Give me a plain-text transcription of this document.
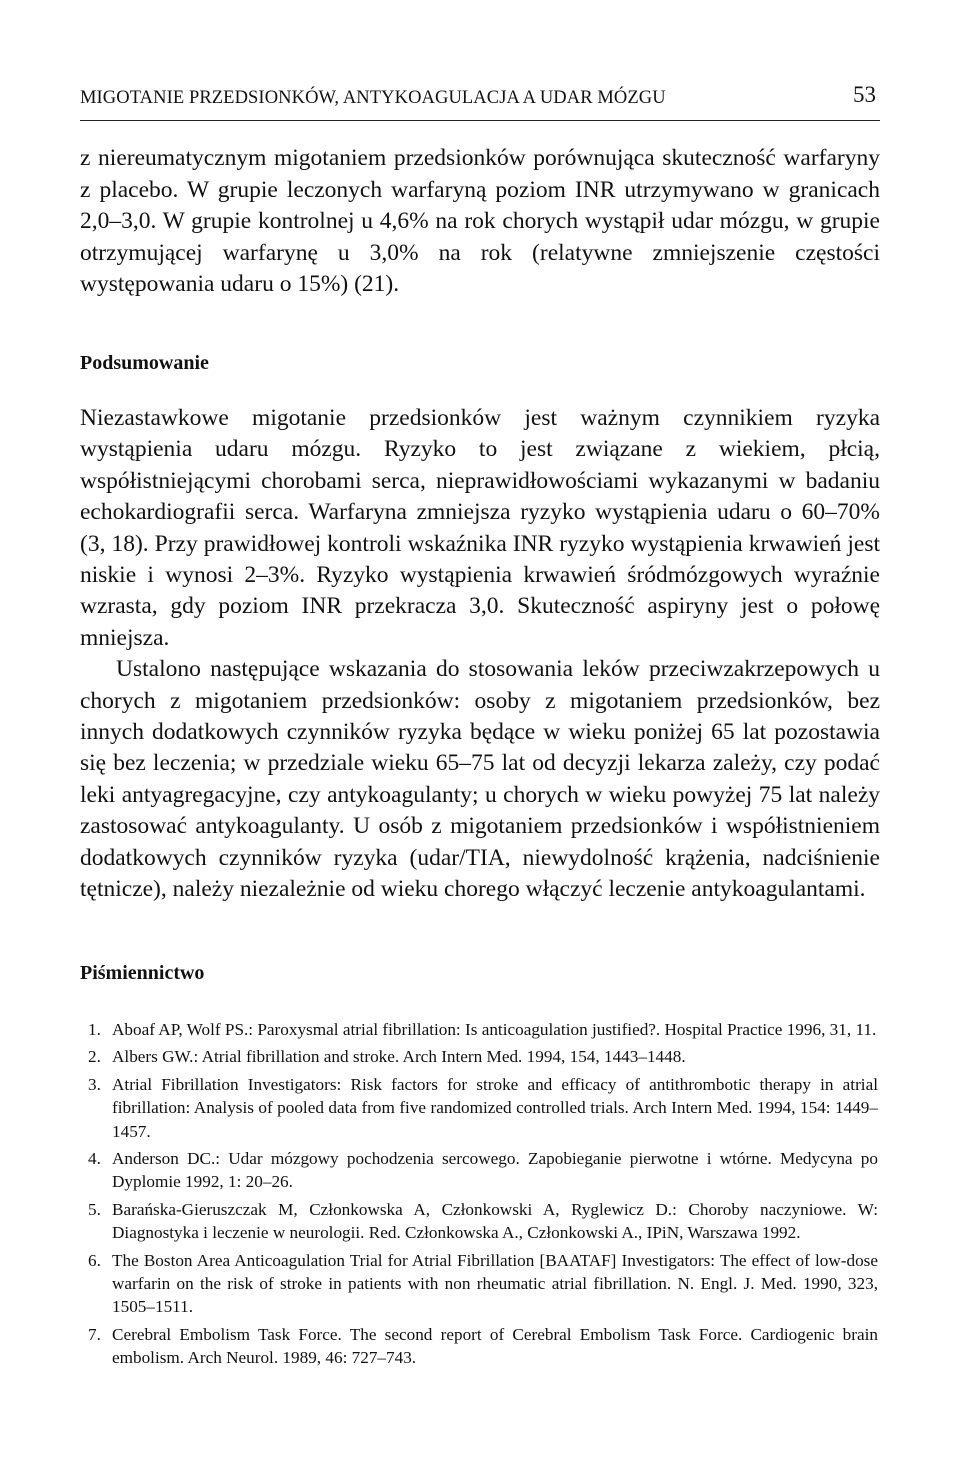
MIGOTANIE PRZEDSIONKÓW, ANTYKOAGULACJA A UDAR MÓZGU	53

z niereumatycznym migotaniem przedsionków porównująca skuteczność warfaryny z placebo. W grupie leczonych warfaryną poziom INR utrzymywano w granicach 2,0–3,0. W grupie kontrolnej u 4,6% na rok chorych wystąpił udar mózgu, w grupie otrzymującej warfarynę u 3,0% na rok (relatywne zmniejszenie częstości występowania udaru o 15%) (21).

Podsumowanie

Niezastawkowe migotanie przedsionków jest ważnym czynnikiem ryzyka wystąpienia udaru mózgu. Ryzyko to jest związane z wiekiem, płcią, współistniejącymi chorobami serca, nieprawidłowościami wykazanymi w badaniu echokardiografii serca. Warfaryna zmniejsza ryzyko wystąpienia udaru o 60–70% (3, 18). Przy prawidłowej kontroli wskaźnika INR ryzyko wystąpienia krwawień jest niskie i wynosi 2–3%. Ryzyko wystąpienia krwawień śródmózgowych wyraźnie wzrasta, gdy poziom INR przekracza 3,0. Skuteczność aspiryny jest o połowę mniejsza.

Ustalono następujące wskazania do stosowania leków przeciwzakrzepowych u chorych z migotaniem przedsionków: osoby z migotaniem przedsionków, bez innych dodatkowych czynników ryzyka będące w wieku poniżej 65 lat pozostawia się bez leczenia; w przedziale wieku 65–75 lat od decyzji lekarza zależy, czy podać leki antyagregacyjne, czy antykoagulanty; u chorych w wieku powyżej 75 lat należy zastosować antykoagulanty. U osób z migotaniem przedsionków i współistnieniem dodatkowych czynników ryzyka (udar/TIA, niewydolność krążenia, nadciśnienie tętnicze), należy niezależnie od wieku chorego włączyć leczenie antykoagulantami.

Piśmiennictwo
1. Aboaf AP, Wolf PS.: Paroxysmal atrial fibrillation: Is anticoagulation justified?. Hospital Practice 1996, 31, 11.
2. Albers GW.: Atrial fibrillation and stroke. Arch Intern Med. 1994, 154, 1443–1448.
3. Atrial Fibrillation Investigators: Risk factors for stroke and efficacy of antithrombotic therapy in atrial fibrillation: Analysis of pooled data from five randomized controlled trials. Arch Intern Med. 1994, 154: 1449–1457.
4. Anderson DC.: Udar mózgowy pochodzenia sercowego. Zapobieganie pierwotne i wtórne. Medycyna po Dyplomie 1992, 1: 20–26.
5. Barańska-Gieruszczak M, Członkowska A, Członkowski A, Ryglewicz D.: Choroby naczyniowe. W: Diagnostyka i leczenie w neurologii. Red. Członkowska A., Członkowski A., IPiN, Warszawa 1992.
6. The Boston Area Anticoagulation Trial for Atrial Fibrillation [BAATAF] Investigators: The effect of low-dose warfarin on the risk of stroke in patients with non rheumatic atrial fibrillation. N. Engl. J. Med. 1990, 323, 1505–1511.
7. Cerebral Embolism Task Force. The second report of Cerebral Embolism Task Force. Cardiogenic brain embolism. Arch Neurol. 1989, 46: 727–743.
